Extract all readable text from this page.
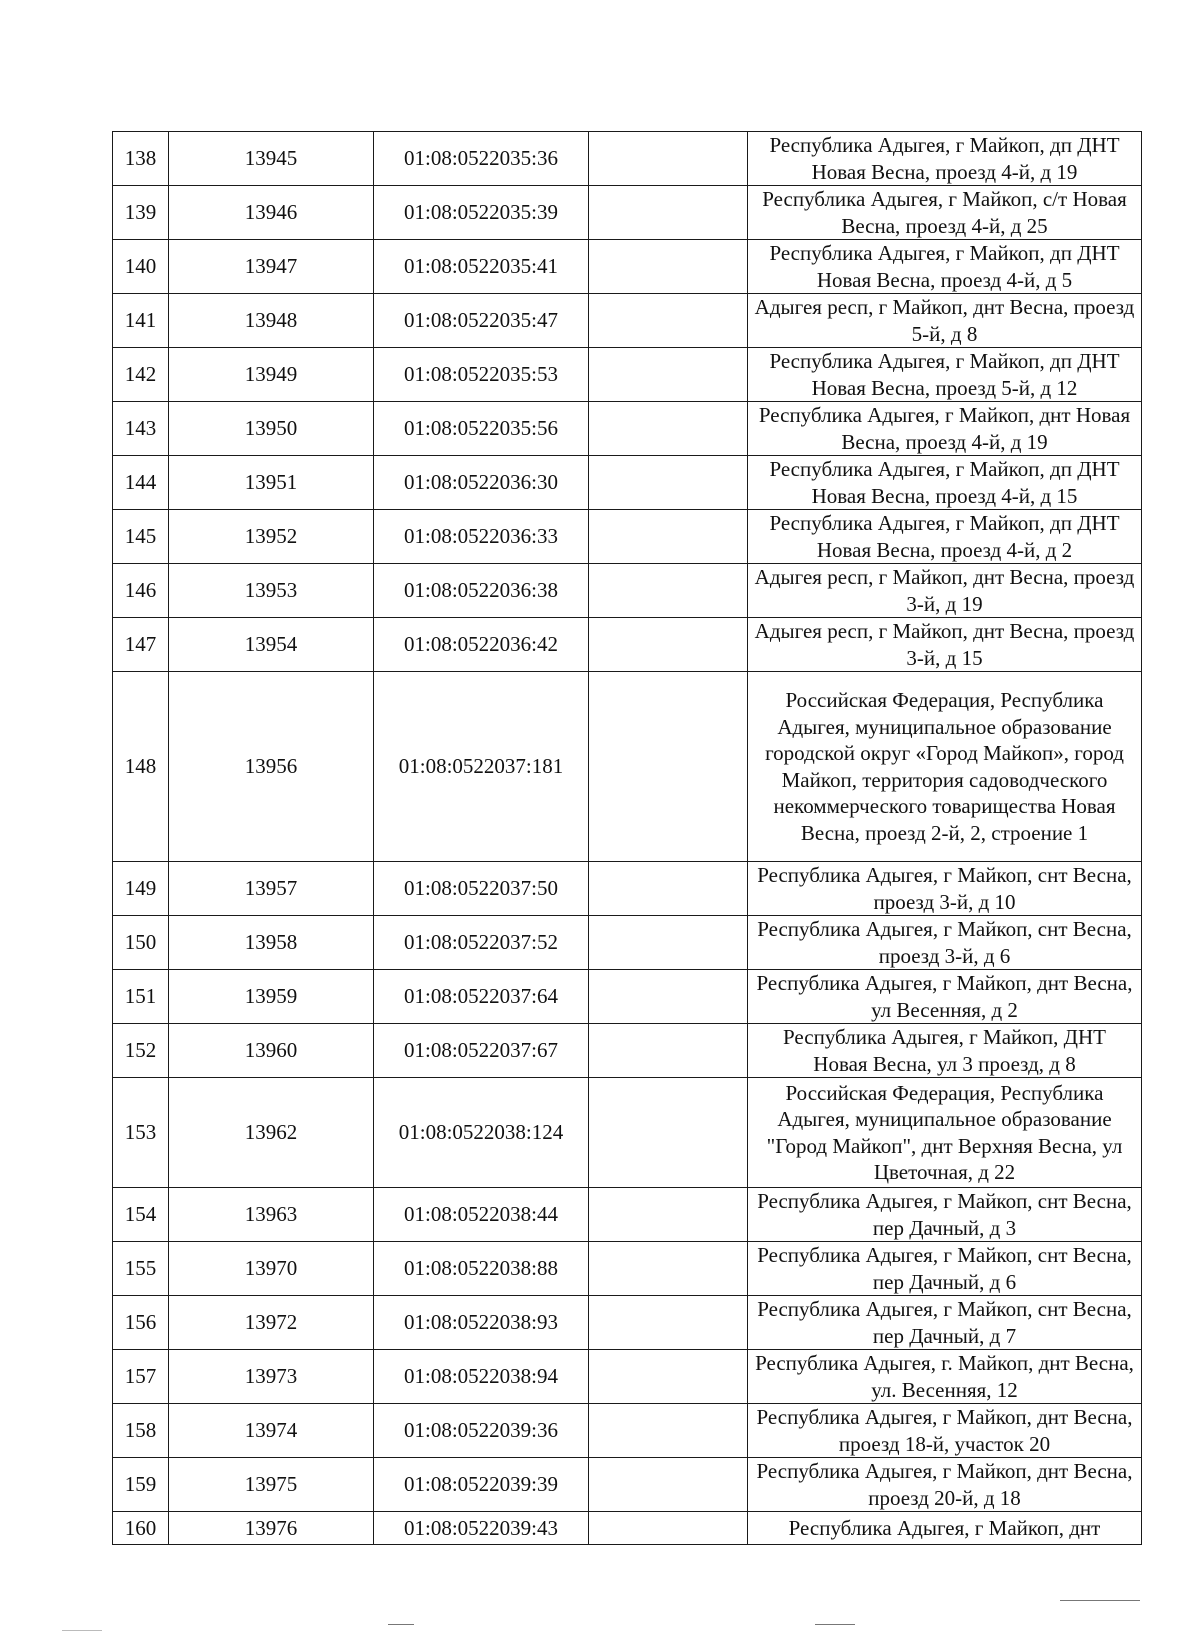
138	13945	01:08:0522035:36		Республика Адыгея, г Майкоп, дп ДНТ Новая Весна, проезд 4-й, д 19
139	13946	01:08:0522035:39		Республика Адыгея, г Майкоп, с/т Новая Весна, проезд 4-й, д 25
140	13947	01:08:0522035:41		Республика Адыгея, г Майкоп, дп ДНТ Новая Весна, проезд 4-й, д 5
141	13948	01:08:0522035:47		Адыгея респ, г Майкоп, днт Весна, проезд 5-й, д 8
142	13949	01:08:0522035:53		Республика Адыгея, г Майкоп, дп ДНТ Новая Весна, проезд 5-й, д 12
143	13950	01:08:0522035:56		Республика Адыгея, г Майкоп, днт Новая Весна, проезд 4-й, д 19
144	13951	01:08:0522036:30		Республика Адыгея, г Майкоп, дп ДНТ Новая Весна, проезд 4-й, д 15
145	13952	01:08:0522036:33		Республика Адыгея, г Майкоп, дп ДНТ Новая Весна, проезд 4-й, д 2
146	13953	01:08:0522036:38		Адыгея респ, г Майкоп, днт Весна, проезд 3-й, д 19
147	13954	01:08:0522036:42		Адыгея респ, г Майкоп, днт Весна, проезд 3-й, д 15
148	13956	01:08:0522037:181		Российская Федерация, Республика Адыгея, муниципальное образование городской округ «Город Майкоп», город Майкоп, территория садоводческого некоммерческого товарищества Новая Весна, проезд 2-й, 2, строение 1
149	13957	01:08:0522037:50		Республика Адыгея, г Майкоп, снт Весна, проезд 3-й, д 10
150	13958	01:08:0522037:52		Республика Адыгея, г Майкоп, снт Весна, проезд 3-й, д 6
151	13959	01:08:0522037:64		Республика Адыгея, г Майкоп, днт Весна, ул Весенняя, д 2
152	13960	01:08:0522037:67		Республика Адыгея, г Майкоп, ДНТ Новая Весна, ул 3 проезд, д 8
153	13962	01:08:0522038:124		Российская Федерация, Республика Адыгея, муниципальное образование "Город Майкоп", днт Верхняя Весна, ул Цветочная, д 22
154	13963	01:08:0522038:44		Республика Адыгея, г Майкоп, снт Весна, пер Дачный, д 3
155	13970	01:08:0522038:88		Республика Адыгея, г Майкоп, снт Весна, пер Дачный, д 6
156	13972	01:08:0522038:93		Республика Адыгея, г Майкоп, снт Весна, пер Дачный, д 7
157	13973	01:08:0522038:94		Республика Адыгея, г. Майкоп, днт Весна, ул. Весенняя, 12
158	13974	01:08:0522039:36		Республика Адыгея, г Майкоп, днт Весна, проезд 18-й, участок 20
159	13975	01:08:0522039:39		Республика Адыгея, г Майкоп, днт Весна, проезд 20-й, д 18
160	13976	01:08:0522039:43		Республика Адыгея, г Майкоп, днт
